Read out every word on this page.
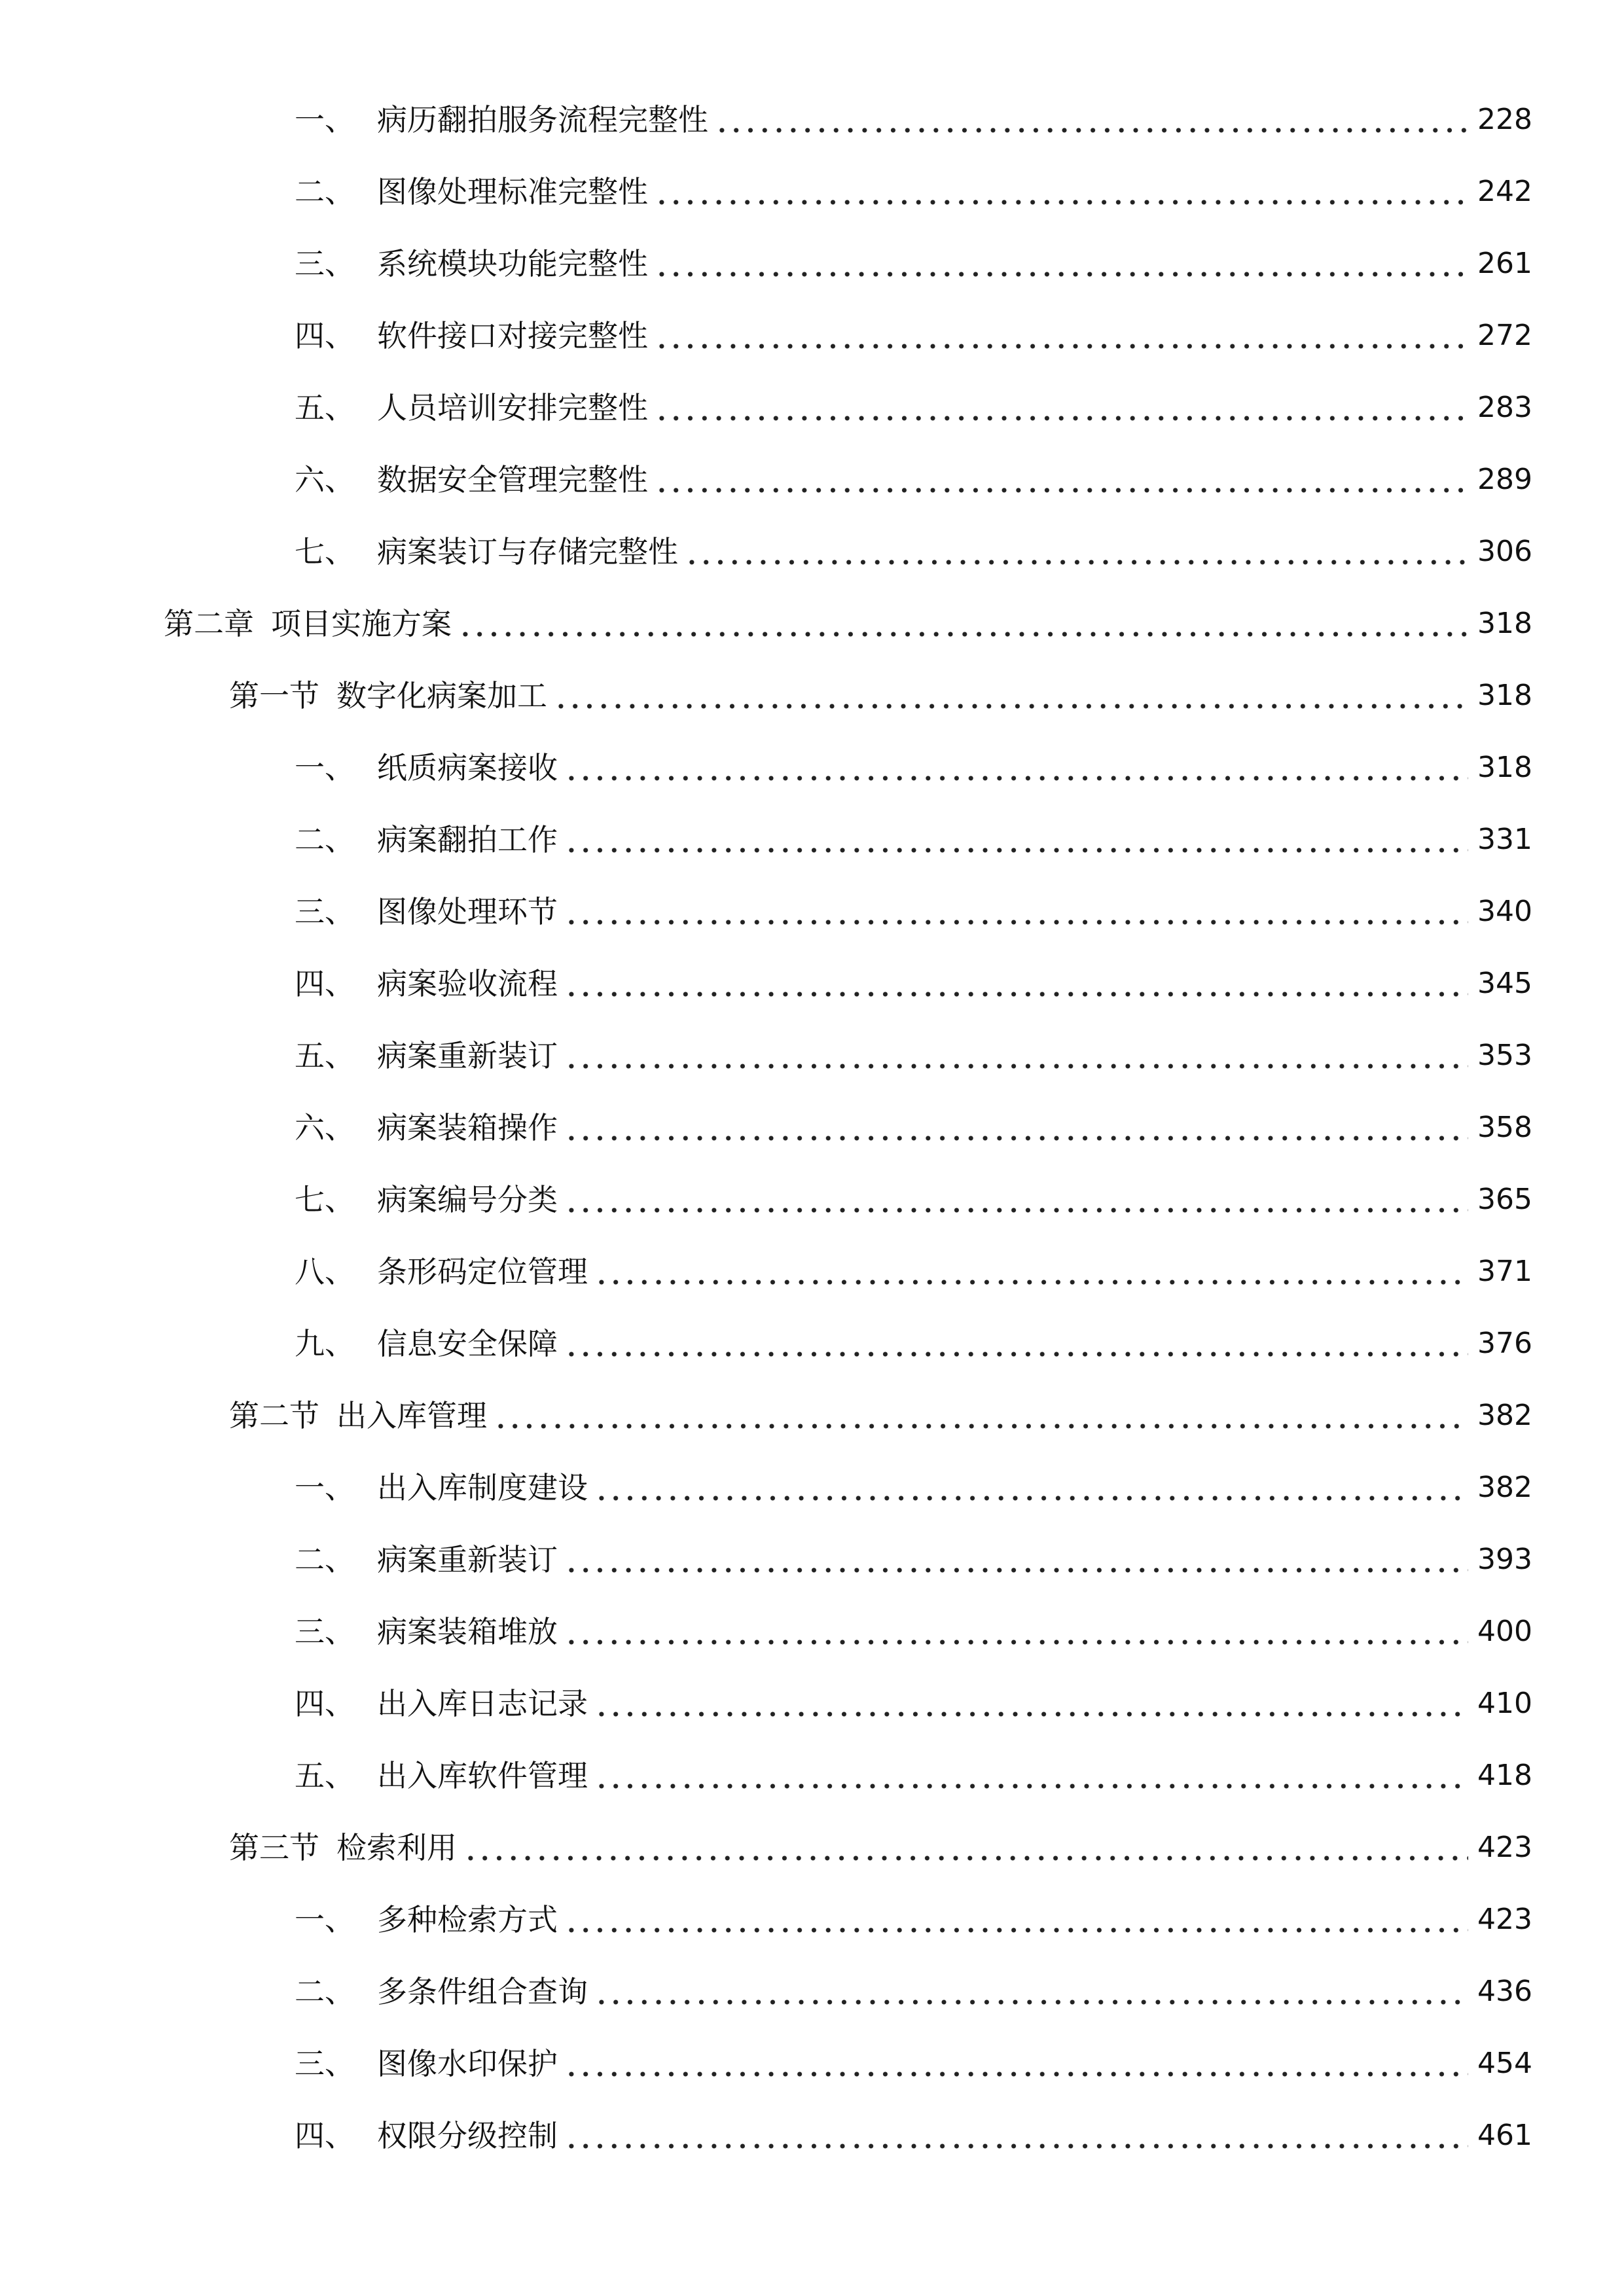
一、 病历翻拍服务流程完整性	228
二、 图像处理标准完整性	242
三、 系统模块功能完整性	261
四、 软件接口对接完整性	272
五、 人员培训安排完整性	283
六、 数据安全管理完整性	289
七、 病案装订与存储完整性	306
第二章 项目实施方案	318
第一节 数字化病案加工	318
一、 纸质病案接收	318
二、 病案翻拍工作	331
三、 图像处理环节	340
四、 病案验收流程	345
五、 病案重新装订	353
六、 病案装箱操作	358
七、 病案编号分类	365
八、 条形码定位管理	371
九、 信息安全保障	376
第二节 出入库管理	382
一、 出入库制度建设	382
二、 病案重新装订	393
三、 病案装箱堆放	400
四、 出入库日志记录	410
五、 出入库软件管理	418
第三节 检索利用	423
一、 多种检索方式	423
二、 多条件组合查询	436
三、 图像水印保护	454
四、 权限分级控制	461
